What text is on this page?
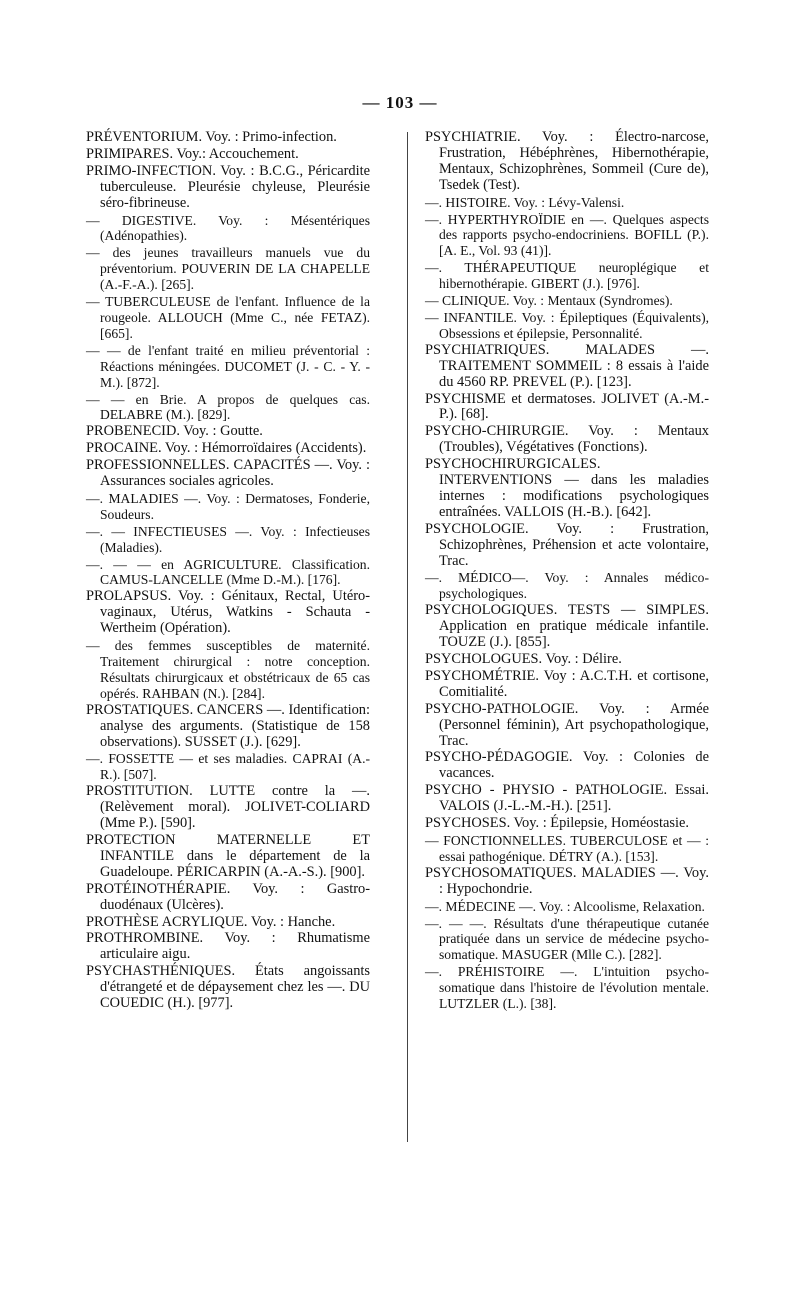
— 103 —

PRÉVENTORIUM. Voy. : Primo-infection.

PRIMIPARES. Voy.: Accouchement.

PRIMO-INFECTION. Voy. : B.C.G., Péricardite tuberculeuse. Pleurésie chyleuse, Pleurésie séro-fibrineuse.

— DIGESTIVE. Voy. : Mésentériques (Adénopathies).

— des jeunes travailleurs manuels vue du préventorium. POUVERIN DE LA CHAPELLE (A.-F.-A.). [265].

— TUBERCULEUSE de l'enfant. Influence de la rougeole. ALLOUCH (Mme C., née FETAZ). [665].

— — de l'enfant traité en milieu préventorial : Réactions méningées. DUCOMET (J. - C. - Y. - M.). [872].

— — en Brie. A propos de quelques cas. DELABRE (M.). [829].

PROBENECID. Voy. : Goutte.

PROCAINE. Voy. : Hémorroïdaires (Accidents).

PROFESSIONNELLES. CAPACITÉS —. Voy. : Assurances sociales agricoles.

—. MALADIES —. Voy. : Dermatoses, Fonderie, Soudeurs.

—. — INFECTIEUSES —. Voy. : Infectieuses (Maladies).

—. — — en AGRICULTURE. Classification. CAMUS-LANCELLE (Mme D.-M.). [176].

PROLAPSUS. Voy. : Génitaux, Rectal, Utéro-vaginaux, Utérus, Watkins - Schauta - Wertheim (Opération).

— des femmes susceptibles de maternité. Traitement chirurgical : notre conception. Résultats chirurgicaux et obstétricaux de 65 cas opérés. RAHBAN (N.). [284].

PROSTATIQUES. CANCERS —. Identification: analyse des arguments. (Statistique de 158 observations). SUSSET (J.). [629].

—. FOSSETTE — et ses maladies. CAPRAI (A.-R.). [507].

PROSTITUTION. LUTTE contre la —. (Relèvement moral). JOLIVET-COLIARD (Mme P.). [590].

PROTECTION MATERNELLE ET INFANTILE dans le département de la Guadeloupe. PÉRICARPIN (A.-A.-S.). [900].

PROTÉINOTHÉRAPIE. Voy. : Gastro-duodénaux (Ulcères).

PROTHÈSE ACRYLIQUE. Voy. : Hanche.

PROTHROMBINE. Voy. : Rhumatisme articulaire aigu.

PSYCHASTHÉNIQUES. États angoissants d'étrangeté et de dépaysement chez les —. DU COUEDIC (H.). [977].

PSYCHIATRIE. Voy. : Électro-narcose, Frustration, Hébéphrènes, Hibernothérapie, Mentaux, Schizophrènes, Sommeil (Cure de), Tsedek (Test).

—. HISTOIRE. Voy. : Lévy-Valensi.

—. HYPERTHYROÏDIE en —. Quelques aspects des rapports psycho-endocriniens. BOFILL (P.). [A. E., Vol. 93 (41)].

—. THÉRAPEUTIQUE neuroplégique et hibernothérapie. GIBERT (J.). [976].

— CLINIQUE. Voy. : Mentaux (Syndromes).

— INFANTILE. Voy. : Épileptiques (Équivalents), Obsessions et épilepsie, Personnalité.

PSYCHIATRIQUES. MALADES —. TRAITEMENT SOMMEIL : 8 essais à l'aide du 4560 RP. PREVEL (P.). [123].

PSYCHISME et dermatoses. JOLIVET (A.-M.-P.). [68].

PSYCHO-CHIRURGIE. Voy. : Mentaux (Troubles), Végétatives (Fonctions).

PSYCHOCHIRURGICALES. INTERVENTIONS — dans les maladies internes : modifications psychologiques entraînées. VALLOIS (H.-B.). [642].

PSYCHOLOGIE. Voy. : Frustration, Schizophrènes, Préhension et acte volontaire, Trac.

—. MÉDICO—. Voy. : Annales médico-psychologiques.

PSYCHOLOGIQUES. TESTS — SIMPLES. Application en pratique médicale infantile. TOUZE (J.). [855].

PSYCHOLOGUES. Voy. : Délire.

PSYCHOMÉTRIE. Voy : A.C.T.H. et cortisone, Comitialité.

PSYCHO-PATHOLOGIE. Voy. : Armée (Personnel féminin), Art psychopathologique, Trac.

PSYCHO-PÉDAGOGIE. Voy. : Colonies de vacances.

PSYCHO - PHYSIO - PATHOLOGIE. Essai. VALOIS (J.-L.-M.-H.). [251].

PSYCHOSES. Voy. : Épilepsie, Homéostasie.

— FONCTIONNELLES. TUBERCULOSE et — : essai pathogénique. DÉTRY (A.). [153].

PSYCHOSOMATIQUES. MALADIES —. Voy. : Hypochondrie.

—. MÉDECINE —. Voy. : Alcoolisme, Relaxation.

—. — —. Résultats d'une thérapeutique cutanée pratiquée dans un service de médecine psycho-somatique. MASUGER (Mlle C.). [282].

—. PRÉHISTOIRE —. L'intuition psycho-somatique dans l'histoire de l'évolution mentale. LUTZLER (L.). [38].
